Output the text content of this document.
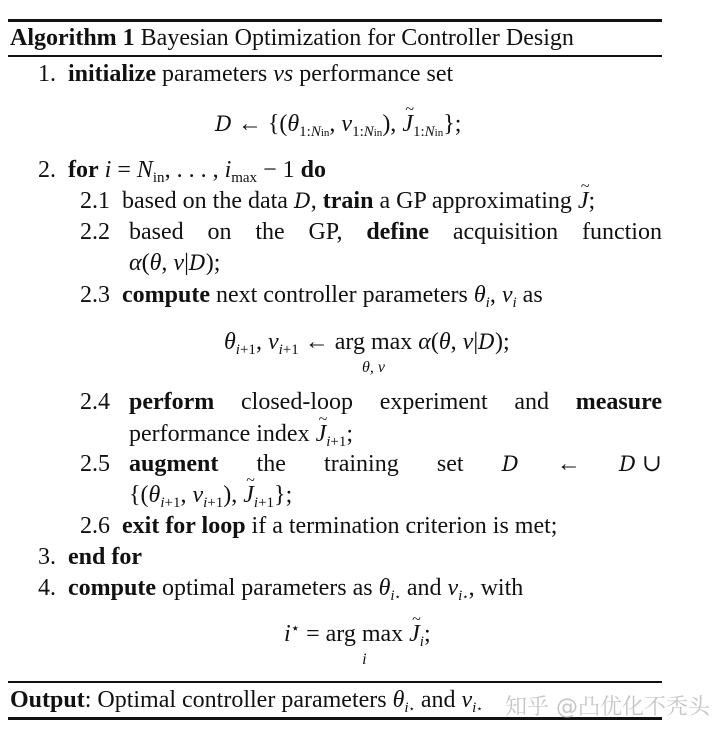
Algorithm 1 Bayesian Optimization for Controller Design
1. initialize parameters vs performance set
D ← {($\theta_{1:Nin}$, $\nu_{1:Nin}$), ~ $J_{1:Nin}$};
2. for $i = N_{in}$, . . . , $i_{max} - 1$ do
2.1 based on the data D, train a GP approximating ~ J;
2.2 based on the GP, define acquisition function
α(θ, ν|D);
2.3 compute next controller parameters $\theta_i$, $\nu_i$ as
$\theta_{i+1}$, $\nu_{i+1}$ ← arg max
θ, ν
α(θ, ν|D);
2.4 perform closed-loop experiment and measure
performance index ~ $J_{i+1}$;
2.5 augment the training set D ← D ∪
{($\theta_{i+1}$, $\nu_{i+1}$), ~ $J_{i+1}$};
2.6 exit for loop if a termination criterion is met;
3. end for
4. compute optimal parameters as $\theta_{i⋆}$ and $\nu_{i⋆}$, with
i⋆ = arg max
i
~ $J_i$;
Output: Optimal controller parameters $\theta_{i⋆}$ and $\nu_{i⋆}$ 知乎 @凸优化不秃头
